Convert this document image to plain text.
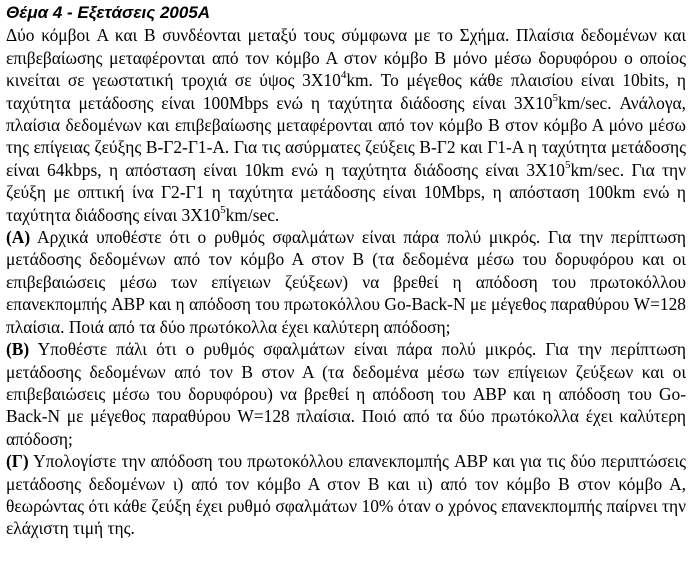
Θέμα 4 - Εξετάσεις 2005Α

Δύο κόμβοι A και B συνδέονται μεταξύ τους σύμφωνα με το Σχήμα. Πλαίσια δεδομένων και επιβεβαίωσης μεταφέρονται από τον κόμβο Α στον κόμβο Β μόνο μέσω δορυφόρου ο οποίος κινείται σε γεωστατική τροχιά σε ύψος $3X10^4km$. Το μέγεθος κάθε πλαισίου είναι 10bits, η ταχύτητα μετάδοσης είναι 100Mbps ενώ η ταχύτητα διάδοσης είναι $3X10^5km/\sec$. Ανάλογα, πλαίσια δεδομένων και επιβεβαίωσης μεταφέρονται από τον κόμβο Β στον κόμβο Α μόνο μέσω της επίγειας ζεύξης Β-Γ2-Γ1-Α. Για τις ασύρματες ζεύξεις Β-Γ2 και Γ1-Α η ταχύτητα μετάδοσης είναι 64kbps, η απόσταση είναι 10km ενώ η ταχύτητα διάδοσης είναι $3X10^5km/\sec$. Για την ζεύξη με οπτική ίνα Γ2-Γ1 η ταχύτητα μετάδοσης είναι 10Mbps, η απόσταση 100km ενώ η ταχύτητα διάδοσης είναι $3X10^5km/\sec$.

(Α) Αρχικά υποθέστε ότι ο ρυθμός σφαλμάτων είναι πάρα πολύ μικρός. Για την περίπτωση μετάδοσης δεδομένων από τον κόμβο Α στον Β (τα δεδομένα μέσω του δορυφόρου και οι επιβεβαιώσεις μέσω των επίγειων ζεύξεων) να βρεθεί η απόδοση του πρωτοκόλλου επανεκπομπής ABP και η απόδοση του πρωτοκόλλου Go-Back-N με μέγεθος παραθύρου W=128 πλαίσια. Ποιά από τα δύο πρωτόκολλα έχει καλύτερη απόδοση;

(Β) Υποθέστε πάλι ότι ο ρυθμός σφαλμάτων είναι πάρα πολύ μικρός. Για την περίπτωση μετάδοσης δεδομένων από τον Β στον Α (τα δεδομένα μέσω των επίγειων ζεύξεων και οι επιβεβαιώσεις μέσω του δορυφόρου) να βρεθεί η απόδοση του ABP και η απόδοση του Go-Back-N με μέγεθος παραθύρου W=128 πλαίσια. Ποιό από τα δύο πρωτόκολλα έχει καλύτερη απόδοση;

(Γ) Υπολογίστε την απόδοση του πρωτοκόλλου επανεκπομπής ABP και για τις δύο περιπτώσεις μετάδοσης δεδομένων ι) από τον κόμβο Α στον Β και ιι) από τον κόμβο Β στον κόμβο Α, θεωρώντας ότι κάθε ζεύξη έχει ρυθμό σφαλμάτων 10% όταν ο χρόνος επανεκπομπής παίρνει την ελάχιστη τιμή της.
